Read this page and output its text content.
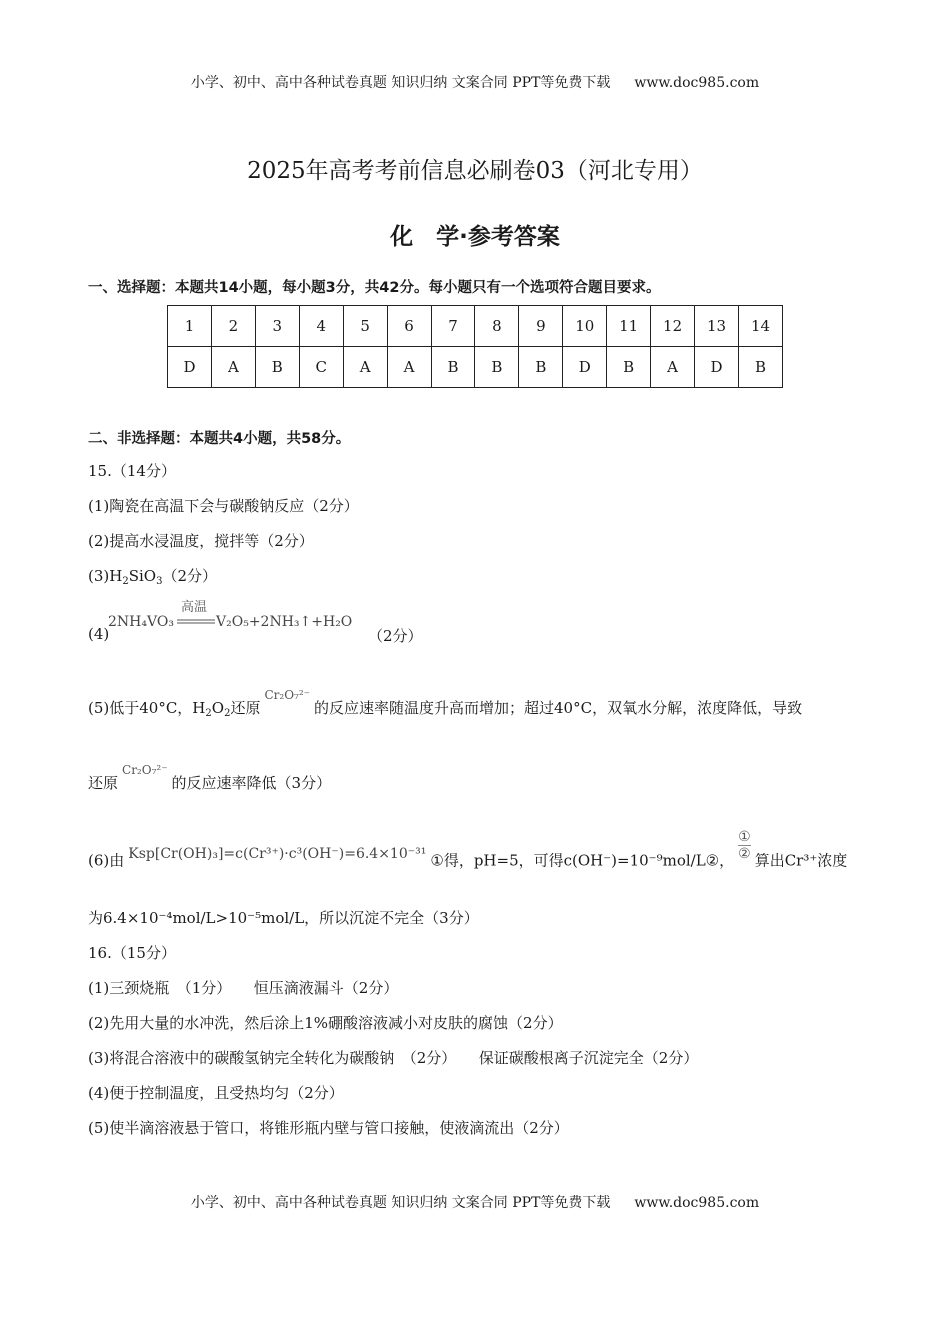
小学、初中、高中各种试卷真题 知识归纳 文案合同 PPT等免费下载 www.doc985.com
2025年高考考前信息必刷卷03（河北专用）
化　学·参考答案
一、选择题：本题共14小题，每小题3分，共42分。每小题只有一个选项符合题目要求。
1	2	3	4	5	6	7	8	9	10	11	12	13	14
D	A	B	C	A	A	B	B	B	D	B	A	D	B
二、非选择题：本题共4小题，共58分。
15.（14分）
(1)陶瓷在高温下会与碳酸钠反应（2分）
(2)提高水浸温度，搅拌等（2分）
$(3)H_2SiO_3(2$分）
(4)
高温
2NH₄VO₃	V₂O₅+2NH₃↑+H₂O
（2分）
(5)低于40°C，$H_2O_2$还原Cr₂O₇²⁻的反应速率随温度升高而增加；超过40°C，双氧水分解，浓度降低，导致
还原Cr₂O₇²⁻的反应速率降低（3分）
(6)由 Ksp[Cr(OH)₃]=c(Cr³⁺)·c³(OH⁻)=6.4×10⁻³¹ ①得，pH=5，可得c(OH⁻)=10⁻⁹mol/L②， $\frac{\text{①}}{\text{②}}$ 算出Cr³⁺浓度
为6.4×10⁻⁴mol/L>10⁻⁵mol/L，所以沉淀不完全（3分）
16.（15分）
(1)三颈烧瓶　（1分）　　恒压滴液漏斗（2分）
(2)先用大量的水冲洗，然后涂上1%硼酸溶液减小对皮肤的腐蚀（2分）
(3)将混合溶液中的碳酸氢钠完全转化为碳酸钠　（2分）　　保证碳酸根离子沉淀完全（2分）
(4)便于控制温度，且受热均匀（2分）
(5)使半滴溶液悬于管口，将锥形瓶内壁与管口接触，使液滴流出（2分）
小学、初中、高中各种试卷真题 知识归纳 文案合同 PPT等免费下载 www.doc985.com
